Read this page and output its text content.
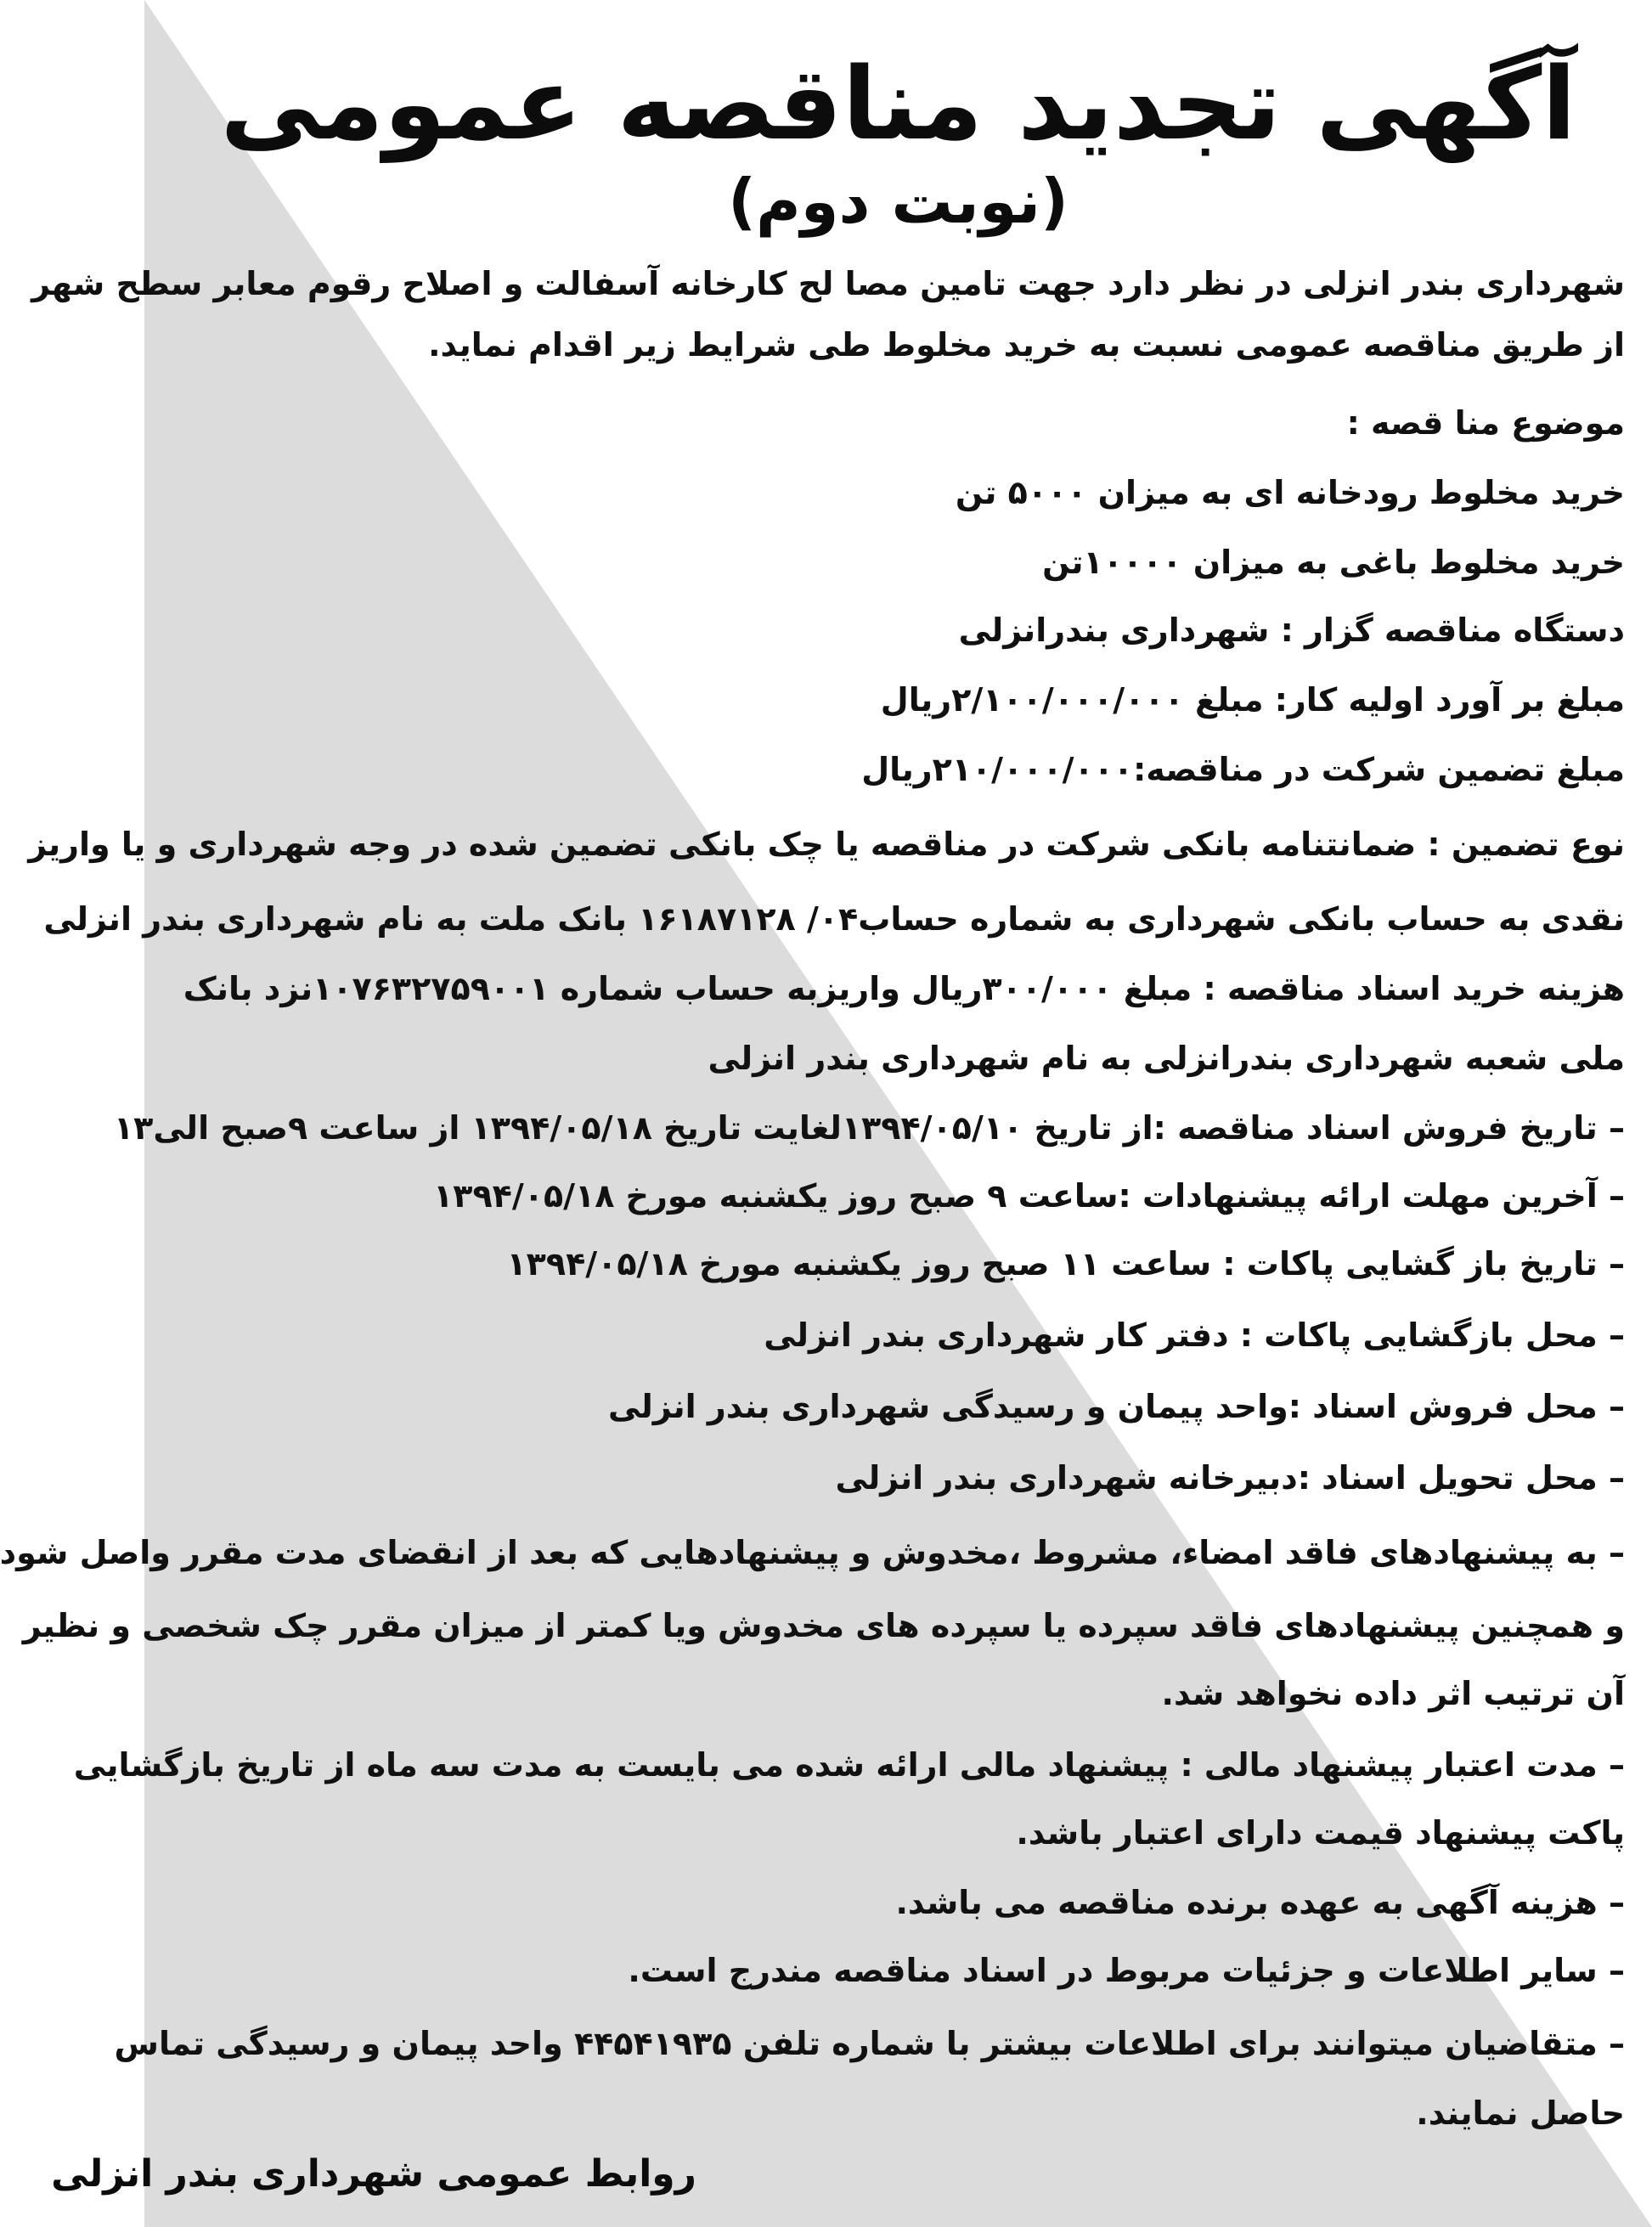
آگهی تجدید مناقصه عمومی
(نوبت دوم)
شهرداری بندر انزلی در نظر دارد جهت تامین مصا لح کارخانه آسفالت و اصلاح رقوم معابر سطح شهر
از طریق مناقصه عمومی نسبت به خرید مخلوط طی شرایط زیر اقدام نماید.
موضوع منا قصه :
خرید مخلوط رودخانه ای به میزان ۵۰۰۰ تن
خرید مخلوط باغی به میزان ۱۰۰۰۰تن
دستگاه مناقصه گزار : شهرداری بندرانزلی
مبلغ بر آورد اولیه کار: مبلغ ۲/۱۰۰/۰۰۰/۰۰۰ریال
مبلغ تضمین شرکت در مناقصه:۲۱۰/۰۰۰/۰۰۰ریال
نوع تضمین : ضمانتنامه بانکی شرکت در مناقصه یا چک بانکی تضمین شده در وجه شهرداری و یا واریز
نقدی به حساب بانکی شهرداری به شماره حساب۰۴/ ۱۶۱۸۷۱۲۸ بانک ملت به نام شهرداری بندر انزلی
هزینه خرید اسناد مناقصه : مبلغ ۳۰۰/۰۰۰ریال واریزبه حساب شماره ۱۰۷۶۳۲۷۵۹۰۰۱نزد بانک
ملی شعبه شهرداری بندرانزلی به نام شهرداری بندر انزلی
– تاریخ فروش اسناد مناقصه :از تاریخ ۱۳۹۴/۰۵/۱۰لغایت تاریخ ۱۳۹۴/۰۵/۱۸ از ساعت ۹صبح الی۱۳
– آخرین مهلت ارائه پیشنهادات :ساعت ۹ صبح روز یکشنبه مورخ ۱۳۹۴/۰۵/۱۸
– تاریخ باز گشایی پاکات : ساعت ۱۱ صبح روز یکشنبه مورخ ۱۳۹۴/۰۵/۱۸
– محل بازگشایی پاکات : دفتر کار شهرداری بندر انزلی
– محل فروش اسناد :واحد پیمان و رسیدگی شهرداری بندر انزلی
– محل تحویل اسناد :دبیرخانه شهرداری بندر انزلی
– به پیشنهادهای فاقد امضاء، مشروط ،مخدوش و پیشنهادهایی که بعد از انقضای مدت مقرر واصل شود
و همچنین پیشنهادهای فاقد سپرده یا سپرده های مخدوش ویا کمتر از میزان مقرر چک شخصی و نظیر
آن ترتیب اثر داده نخواهد شد.
– مدت اعتبار پیشنهاد مالی : پیشنهاد مالی ارائه شده می بایست به مدت سه ماه از تاریخ بازگشایی
پاکت پیشنهاد قیمت دارای اعتبار باشد.
– هزینه آگهی به عهده برنده مناقصه می باشد.
– سایر اطلاعات و جزئیات مربوط در اسناد مناقصه مندرج است.
– متقاضیان میتوانند برای اطلاعات بیشتر با شماره تلفن ۴۴۵۴۱۹۳۵ واحد پیمان و رسیدگی تماس
حاصل نمایند.
روابط عمومی شهرداری بندر انزلی
